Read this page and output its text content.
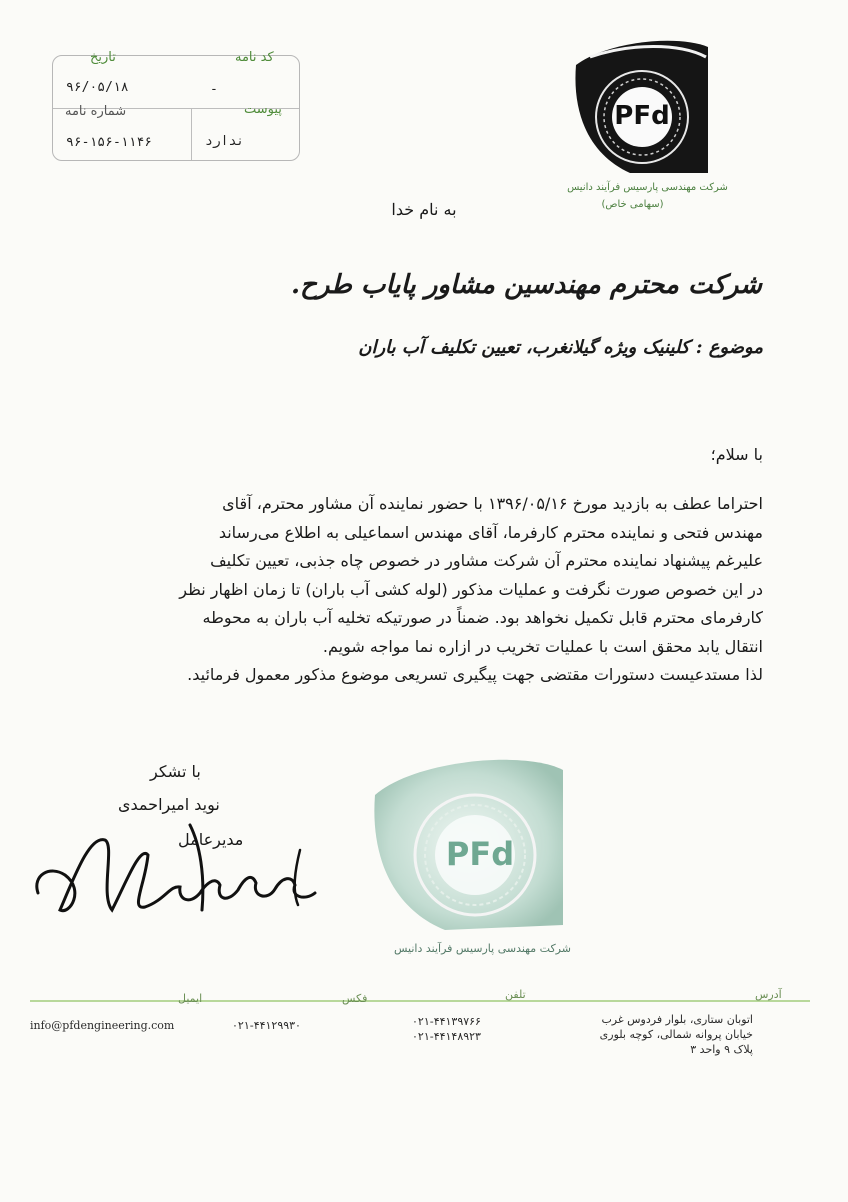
کد نامه
-
تاریخ
۹۶/۰۵/۱۸
پیوست
ندارد
شماره نامه
۹۶-۱۵۶-۱۱۴۶
PFd
شرکت مهندسی پارسیس فرآیند دانیس
(سهامی خاص)
به نام خدا
شرکت محترم مهندسین مشاور پایاب طرح.
موضوع : کلینیک ویژه گیلانغرب، تعیین تکلیف آب باران
با سلام؛

احتراما عطف به بازدید مورخ ۱۳۹۶/۰۵/۱۶ با حضور نماینده آن مشاور محترم، آقای

مهندس فتحی و نماینده محترم کارفرما، آقای مهندس اسماعیلی به اطلاع می‌رساند

علیرغم پیشنهاد نماینده محترم آن شرکت مشاور در خصوص چاه جذبی، تعیین تکلیف

در این خصوص صورت نگرفت و عملیات مذکور (لوله کشی آب باران) تا زمان اظهار نظر

کارفرمای محترم قابل تکمیل نخواهد بود. ضمناً در صورتیکه تخلیه آب باران به محوطه

انتقال یابد محقق است با عملیات تخریب در ازاره نما مواجه شویم.

لذا مستدعیست دستورات مقتضی جهت پیگیری تسریعی موضوع مذکور معمول فرمائید.

با تشکر
نوید امیراحمدی
مدیرعامل	PFd
شرکت مهندسی پارسیس فرآیند دانیس
آدرس
تلفن
فکس
ایمیل
اتوبان ستاری، بلوار فردوس غرب
خیابان پروانه شمالی، کوچه بلوری
پلاک ۹ واحد ۳
۰۲۱-۴۴۱۳۹۷۶۶
۰۲۱-۴۴۱۴۸۹۲۳
۰۲۱-۴۴۱۲۹۹۳۰
info@pfdengineering.com
